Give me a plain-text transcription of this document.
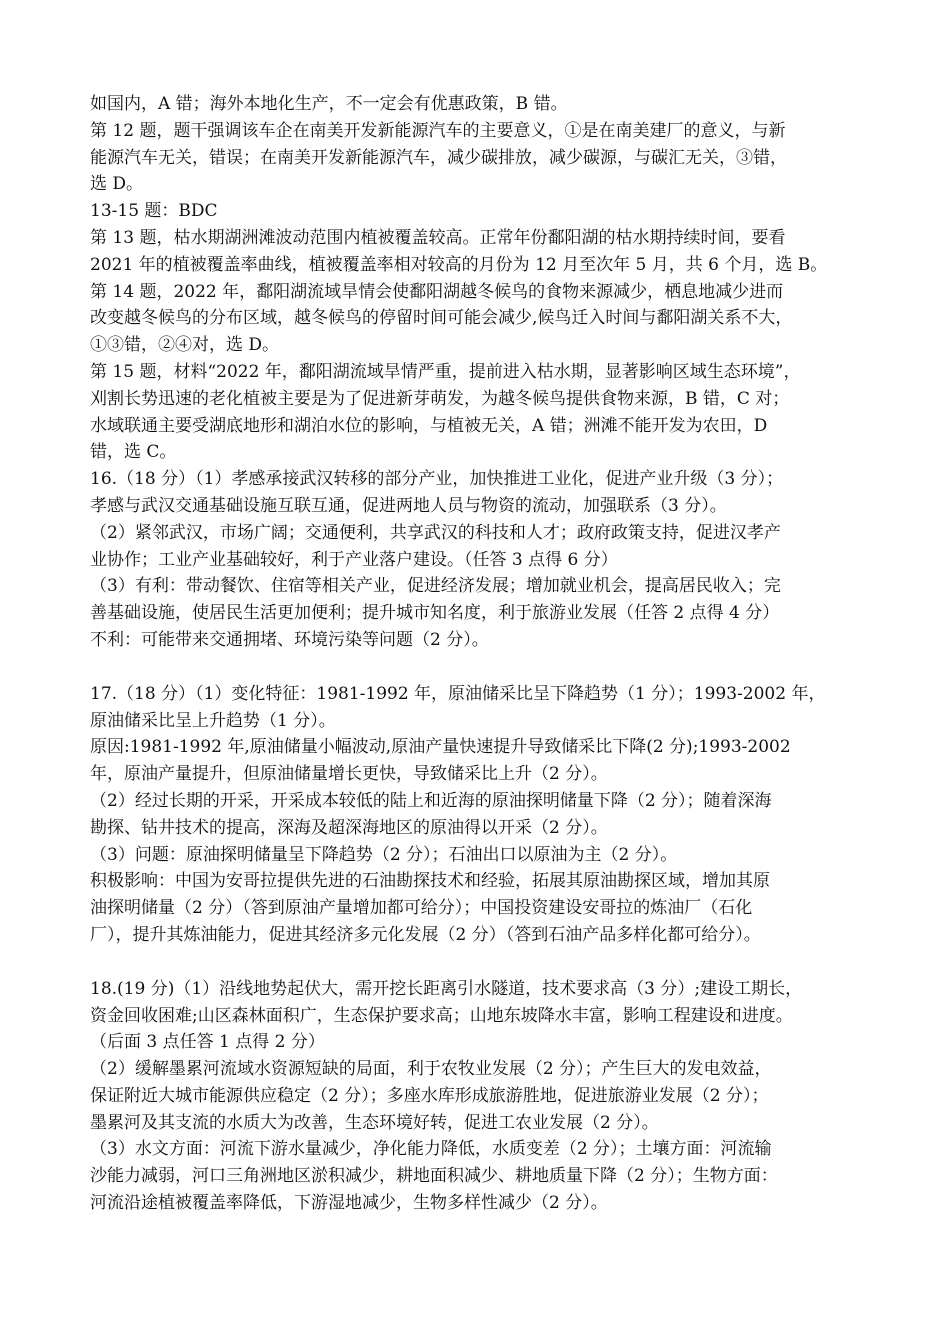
如国内，A 错；海外本地化生产，不一定会有优惠政策，B 错。
第 12 题，题干强调该车企在南美开发新能源汽车的主要意义，①是在南美建厂的意义，与新
能源汽车无关，错误；在南美开发新能源汽车，减少碳排放，减少碳源，与碳汇无关，③错，
选 D。
13-15 题：BDC
第 13 题，枯水期湖洲滩波动范围内植被覆盖较高。正常年份鄱阳湖的枯水期持续时间，要看
2021 年的植被覆盖率曲线，植被覆盖率相对较高的月份为 12 月至次年 5 月，共 6 个月，选 B。
第 14 题，2022 年，鄱阳湖流域旱情会使鄱阳湖越冬候鸟的食物来源减少，栖息地减少进而
改变越冬候鸟的分布区域，越冬候鸟的停留时间可能会减少,候鸟迁入时间与鄱阳湖关系不大，
①③错，②④对，选 D。
第 15 题，材料“2022 年，鄱阳湖流域旱情严重，提前进入枯水期，显著影响区域生态环境”，
刈割长势迅速的老化植被主要是为了促进新芽萌发，为越冬候鸟提供食物来源，B 错，C 对；
水域联通主要受湖底地形和湖泊水位的影响，与植被无关，A 错；洲滩不能开发为农田，D
错，选 C。
16.（18 分）（1）孝感承接武汉转移的部分产业，加快推进工业化，促进产业升级（3 分）；
孝感与武汉交通基础设施互联互通，促进两地人员与物资的流动，加强联系（3 分）。
（2）紧邻武汉，市场广阔；交通便利，共享武汉的科技和人才；政府政策支持，促进汉孝产
业协作；工业产业基础较好，利于产业落户建设。（任答 3 点得 6 分）
（3）有利：带动餐饮、住宿等相关产业，促进经济发展；增加就业机会，提高居民收入；完
善基础设施，使居民生活更加便利；提升城市知名度，利于旅游业发展（任答 2 点得 4 分）
不利：可能带来交通拥堵、环境污染等问题（2 分）。
17.（18 分）（1）变化特征：1981-1992 年，原油储采比呈下降趋势（1 分）；1993-2002 年，
原油储采比呈上升趋势（1 分）。
原因:1981-1992 年,原油储量小幅波动,原油产量快速提升导致储采比下降(2 分);1993-2002
年，原油产量提升，但原油储量增长更快，导致储采比上升（2 分）。
（2）经过长期的开采，开采成本较低的陆上和近海的原油探明储量下降（2 分）；随着深海
勘探、钻井技术的提高，深海及超深海地区的原油得以开采（2 分）。
（3）问题：原油探明储量呈下降趋势（2 分）；石油出口以原油为主（2 分）。
积极影响：中国为安哥拉提供先进的石油勘探技术和经验，拓展其原油勘探区域，增加其原
油探明储量（2 分）（答到原油产量增加都可给分）；中国投资建设安哥拉的炼油厂（石化
厂），提升其炼油能力，促进其经济多元化发展（2 分）（答到石油产品多样化都可给分）。
18.(19 分)（1）沿线地势起伏大，需开挖长距离引水隧道，技术要求高（3 分）;建设工期长，
资金回收困难;山区森林面积广，生态保护要求高；山地东坡降水丰富，影响工程建设和进度。
（后面 3 点任答 1 点得 2 分）
（2）缓解墨累河流域水资源短缺的局面，利于农牧业发展（2 分）；产生巨大的发电效益，
保证附近大城市能源供应稳定（2 分）；多座水库形成旅游胜地，促进旅游业发展（2 分）；
墨累河及其支流的水质大为改善，生态环境好转，促进工农业发展（2 分）。
（3）水文方面：河流下游水量减少，净化能力降低，水质变差（2 分）；土壤方面：河流输
沙能力减弱，河口三角洲地区淤积减少，耕地面积减少、耕地质量下降（2 分）；生物方面：
河流沿途植被覆盖率降低，下游湿地减少，生物多样性减少（2 分）。
